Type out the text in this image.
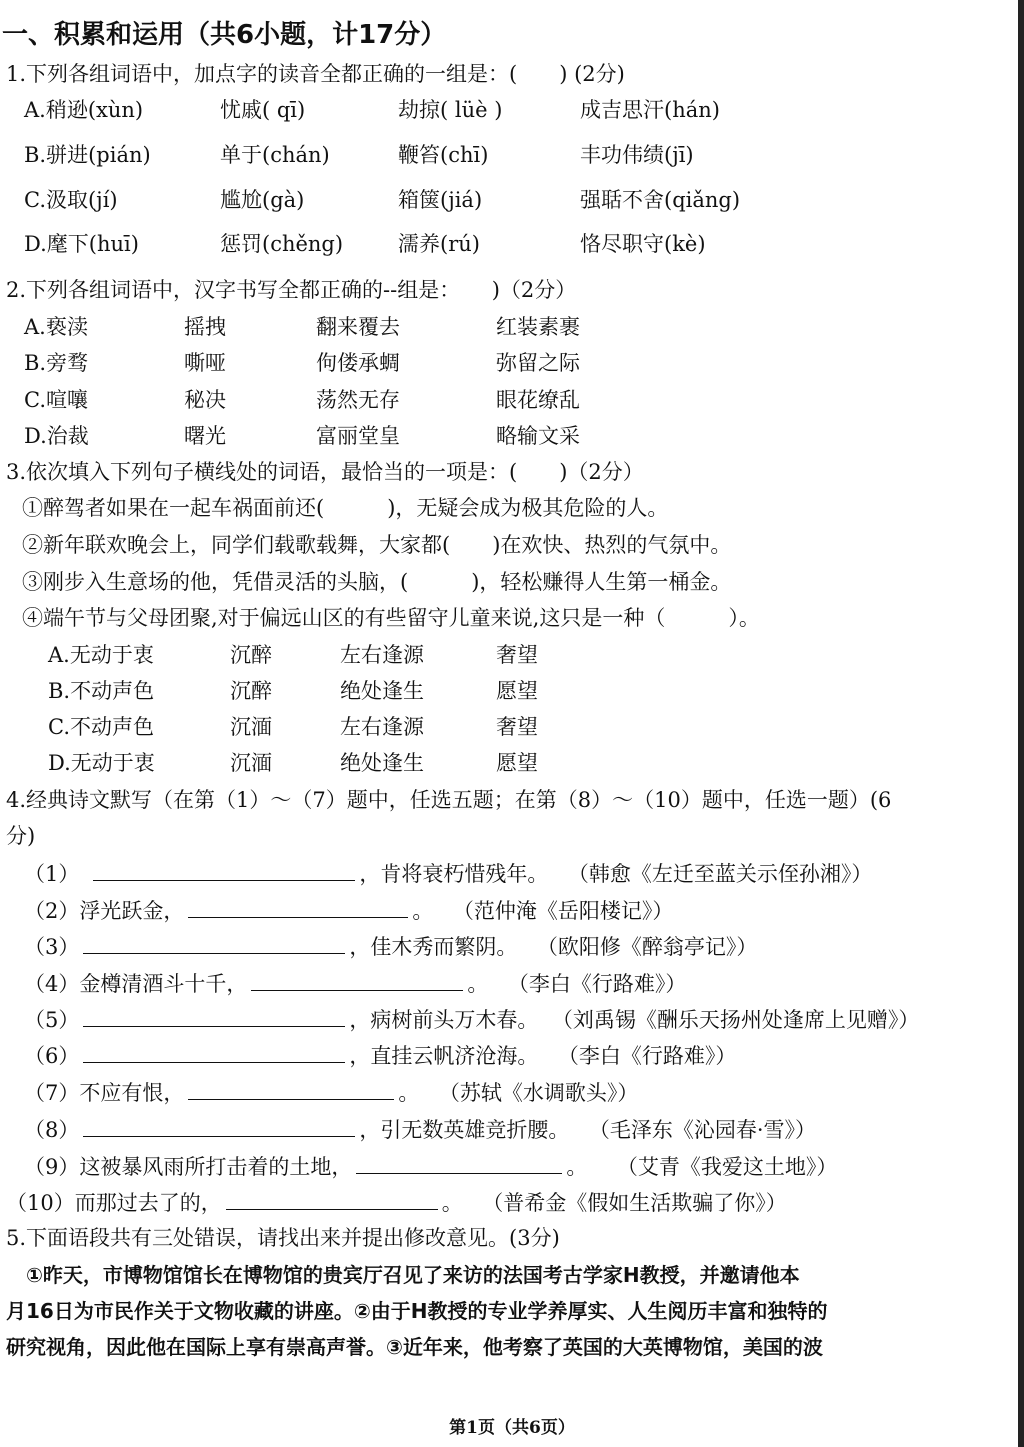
一、积累和运用（共6小题，计17分）
1.下列各组词语中，加点字的读音全都正确的一组是：(　　) (2分)
A.稍逊(xùn)	忧戚( qī)	劫掠( lüè )	成吉思汗(hán)
B.骈进(pián)	单于(chán)	鞭笞(chī)	丰功伟绩(jī)
C.汲取(jí)	尴尬(gà)	箱箧(jiá)	强聒不舍(qiǎng)
D.麾下(huī)	惩罚(chěng)	濡养(rú)	恪尽职守(kè)
2.下列各组词语中，汉字书写全都正确的--组是：　　)（2分）
A.亵渎	摇拽	翻来覆去	红装素裹
B.旁骛	嘶哑	佝偻承蜩	弥留之际
C.喧嚷	秘决	荡然无存	眼花缭乱
D.治裁	曙光	富丽堂皇	略输文采
3.依次填入下列句子横线处的词语，最恰当的一项是：(　　)（2分）
①醉驾者如果在一起车祸面前还(　　　)，无疑会成为极其危险的人。
②新年联欢晚会上，同学们载歌载舞，大家都(　　)在欢快、热烈的气氛中。
③刚步入生意场的他，凭借灵活的头脑，(　　　)，轻松赚得人生第一桶金。
④端午节与父母团聚,对于偏远山区的有些留守儿童来说,这只是一种（　　　）。
A.无动于衷	沉醉	左右逢源	奢望
B.不动声色	沉醉	绝处逢生	愿望
C.不动声色	沉湎	左右逢源	奢望
D.无动于衷	沉湎	绝处逢生	愿望
4.经典诗文默写（在第（1）～（7）题中，任选五题；在第（8）～（10）题中，任选一题）(6
分)
（1）	，肯将衰朽惜残年。 （韩愈《左迁至蓝关示侄孙湘》）
（2）浮光跃金，	。 （范仲淹《岳阳楼记》）
（3）	，佳木秀而繁阴。 （欧阳修《醉翁亭记》）
（4）金樽清酒斗十千，	。 （李白《行路难》）
（5）	，病树前头万木春。 （刘禹锡《酬乐天扬州处逢席上见赠》）
（6）	，直挂云帆济沧海。 （李白《行路难》）
（7）不应有恨，	。 （苏轼《水调歌头》）
（8）	，引无数英雄竞折腰。 （毛泽东《沁园春·雪》）
（9）这被暴风雨所打击着的土地，	。 （艾青《我爱这土地》）
（10）而那过去了的，	。 （普希金《假如生活欺骗了你》）
5.下面语段共有三处错误，请找出来并提出修改意见。(3分)
　①昨天，市博物馆馆长在博物馆的贵宾厅召见了来访的法国考古学家H教授，并邀请他本
月16日为市民作关于文物收藏的讲座。②由于H教授的专业学养厚实、人生阅历丰富和独特的
研究视角，因此他在国际上享有崇高声誉。③近年来，他考察了英国的大英博物馆，美国的波
第1页（共6页）
